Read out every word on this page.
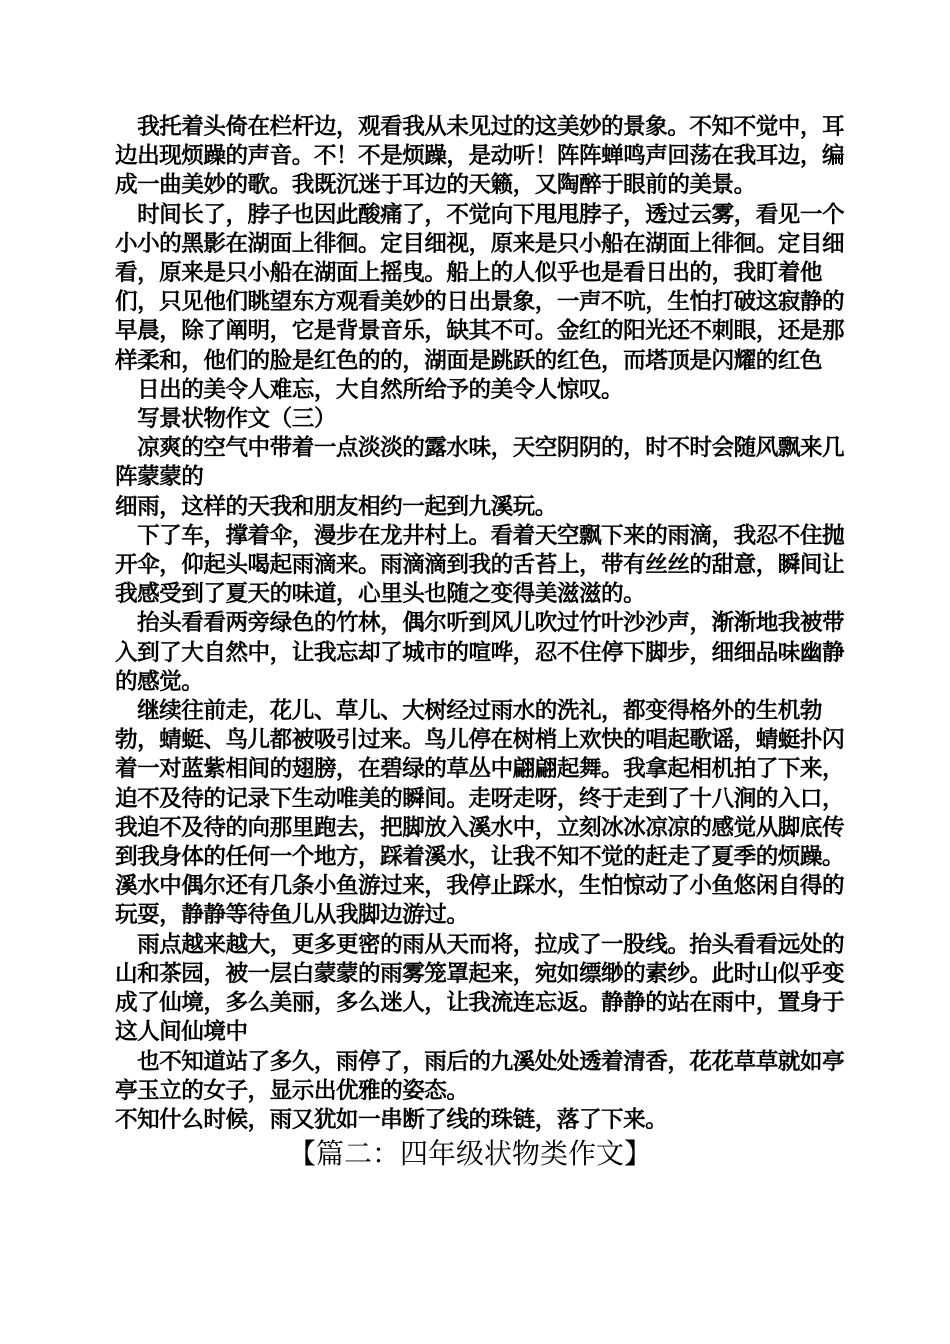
　我托着头倚在栏杆边，观看我从未见过的这美妙的景象。不知不觉中，耳边出现烦躁的声音。不！不是烦躁，是动听！阵阵蝉鸣声回荡在我耳边，编成一曲美妙的歌。我既沉迷于耳边的天籁，又陶醉于眼前的美景。

　时间长了，脖子也因此酸痛了，不觉向下甩甩脖子，透过云雾，看见一个小小的黑影在湖面上徘徊。定目细视，原来是只小船在湖面上徘徊。定目细看，原来是只小船在湖面上摇曳。船上的人似乎也是看日出的，我盯着他们，只见他们眺望东方观看美妙的日出景象，一声不吭，生怕打破这寂静的早晨，除了阐明，它是背景音乐，缺其不可。金红的阳光还不刺眼，还是那样柔和，他们的脸是红色的的，湖面是跳跃的红色，而塔顶是闪耀的红色

　日出的美令人难忘，大自然所给予的美令人惊叹。

　写景状物作文（三）

　凉爽的空气中带着一点淡淡的露水味，天空阴阴的，时不时会随风飘来几阵蒙蒙的

细雨，这样的天我和朋友相约一起到九溪玩。

　下了车，撑着伞，漫步在龙井村上。看着天空飘下来的雨滴，我忍不住抛开伞，仰起头喝起雨滴来。雨滴滴到我的舌苔上，带有丝丝的甜意，瞬间让我感受到了夏天的味道，心里头也随之变得美滋滋的。

　抬头看看两旁绿色的竹林，偶尔听到风儿吹过竹叶沙沙声，渐渐地我被带入到了大自然中，让我忘却了城市的喧哗，忍不住停下脚步，细细品味幽静的感觉。

　继续往前走，花儿、草儿、大树经过雨水的洗礼，都变得格外的生机勃勃，蜻蜓、鸟儿都被吸引过来。鸟儿停在树梢上欢快的唱起歌谣，蜻蜓扑闪着一对蓝紫相间的翅膀，在碧绿的草丛中翩翩起舞。我拿起相机拍了下来，迫不及待的记录下生动唯美的瞬间。走呀走呀，终于走到了十八涧的入口，我迫不及待的向那里跑去，把脚放入溪水中，立刻冰冰凉凉的感觉从脚底传到我身体的任何一个地方，踩着溪水，让我不知不觉的赶走了夏季的烦躁。溪水中偶尔还有几条小鱼游过来，我停止踩水，生怕惊动了小鱼悠闲自得的玩耍，静静等待鱼儿从我脚边游过。

　雨点越来越大，更多更密的雨从天而将，拉成了一股线。抬头看看远处的山和茶园，被一层白蒙蒙的雨雾笼罩起来，宛如缥缈的素纱。此时山似乎变成了仙境，多么美丽，多么迷人，让我流连忘返。静静的站在雨中，置身于这人间仙境中

　也不知道站了多久，雨停了，雨后的九溪处处透着清香，花花草草就如亭亭玉立的女子，显示出优雅的姿态。

不知什么时候，雨又犹如一串断了线的珠链，落了下来。

【篇二：四年级状物类作文】
